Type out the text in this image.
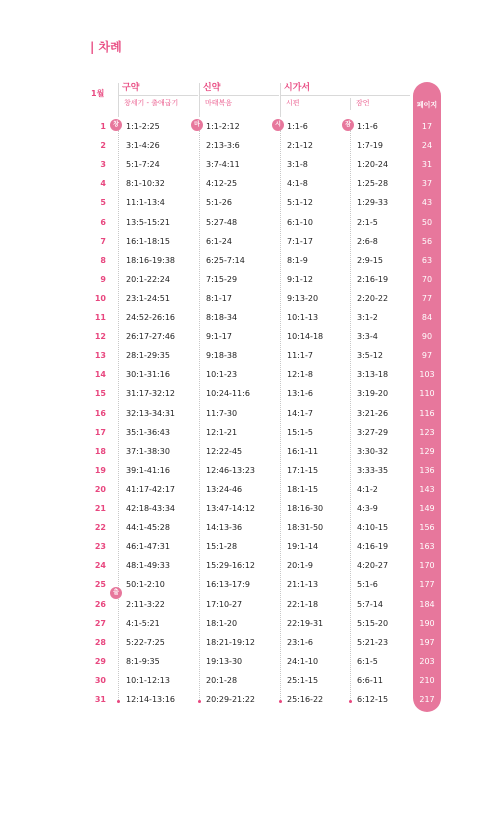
| 차례
페이지
1월
구약
창세기 - 출애굽기
신약
마태복음
시가서
시편	잠언
창	마	시	잠
출
1	1:1-2:25	1:1-2:12	1:1-6	1:1-6	17
2	3:1-4:26	2:13-3:6	2:1-12	1:7-19	24
3	5:1-7:24	3:7-4:11	3:1-8	1:20-24	31
4	8:1-10:32	4:12-25	4:1-8	1:25-28	37
5	11:1-13:4	5:1-26	5:1-12	1:29-33	43
6	13:5-15:21	5:27-48	6:1-10	2:1-5	50
7	16:1-18:15	6:1-24	7:1-17	2:6-8	56
8	18:16-19:38	6:25-7:14	8:1-9	2:9-15	63
9	20:1-22:24	7:15-29	9:1-12	2:16-19	70
10	23:1-24:51	8:1-17	9:13-20	2:20-22	77
11	24:52-26:16	8:18-34	10:1-13	3:1-2	84
12	26:17-27:46	9:1-17	10:14-18	3:3-4	90
13	28:1-29:35	9:18-38	11:1-7	3:5-12	97
14	30:1-31:16	10:1-23	12:1-8	3:13-18	103
15	31:17-32:12	10:24-11:6	13:1-6	3:19-20	110
16	32:13-34:31	11:7-30	14:1-7	3:21-26	116
17	35:1-36:43	12:1-21	15:1-5	3:27-29	123
18	37:1-38:30	12:22-45	16:1-11	3:30-32	129
19	39:1-41:16	12:46-13:23	17:1-15	3:33-35	136
20	41:17-42:17	13:24-46	18:1-15	4:1-2	143
21	42:18-43:34	13:47-14:12	18:16-30	4:3-9	149
22	44:1-45:28	14:13-36	18:31-50	4:10-15	156
23	46:1-47:31	15:1-28	19:1-14	4:16-19	163
24	48:1-49:33	15:29-16:12	20:1-9	4:20-27	170
25	50:1-2:10	16:13-17:9	21:1-13	5:1-6	177
26	2:11-3:22	17:10-27	22:1-18	5:7-14	184
27	4:1-5:21	18:1-20	22:19-31	5:15-20	190
28	5:22-7:25	18:21-19:12	23:1-6	5:21-23	197
29	8:1-9:35	19:13-30	24:1-10	6:1-5	203
30	10:1-12:13	20:1-28	25:1-15	6:6-11	210
31	12:14-13:16	20:29-21:22	25:16-22	6:12-15	217
